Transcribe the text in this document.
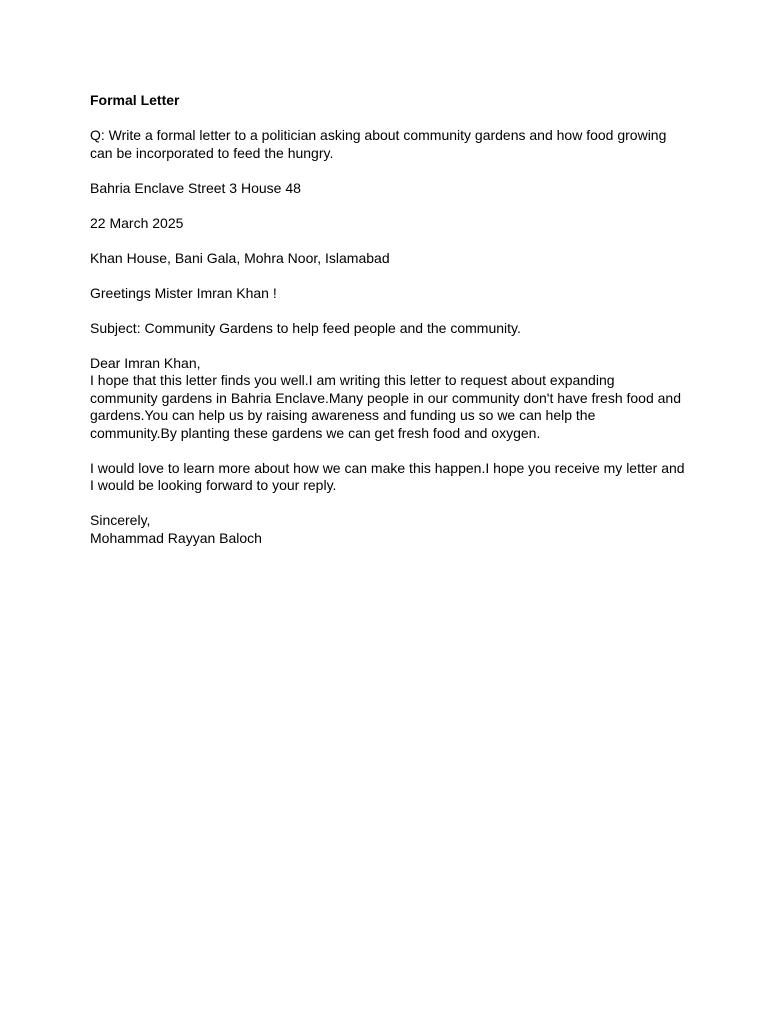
Formal Letter
Q: Write a formal letter to a politician asking about community gardens and how food growing
can be incorporated to feed the hungry.
Bahria Enclave Street 3 House 48
22 March 2025
Khan House, Bani Gala, Mohra Noor, Islamabad
Greetings Mister Imran Khan !
Subject: Community Gardens to help feed people and the community.
Dear Imran Khan,
I hope that this letter finds you well.I am writing this letter to request about expanding
community gardens in Bahria Enclave.Many people in our community don't have fresh food and
gardens.You can help us by raising awareness and funding us so we can help the
community.By planting these gardens we can get fresh food and oxygen.
I would love to learn more about how we can make this happen.I hope you receive my letter and
I would be looking forward to your reply.
Sincerely,
Mohammad Rayyan Baloch
